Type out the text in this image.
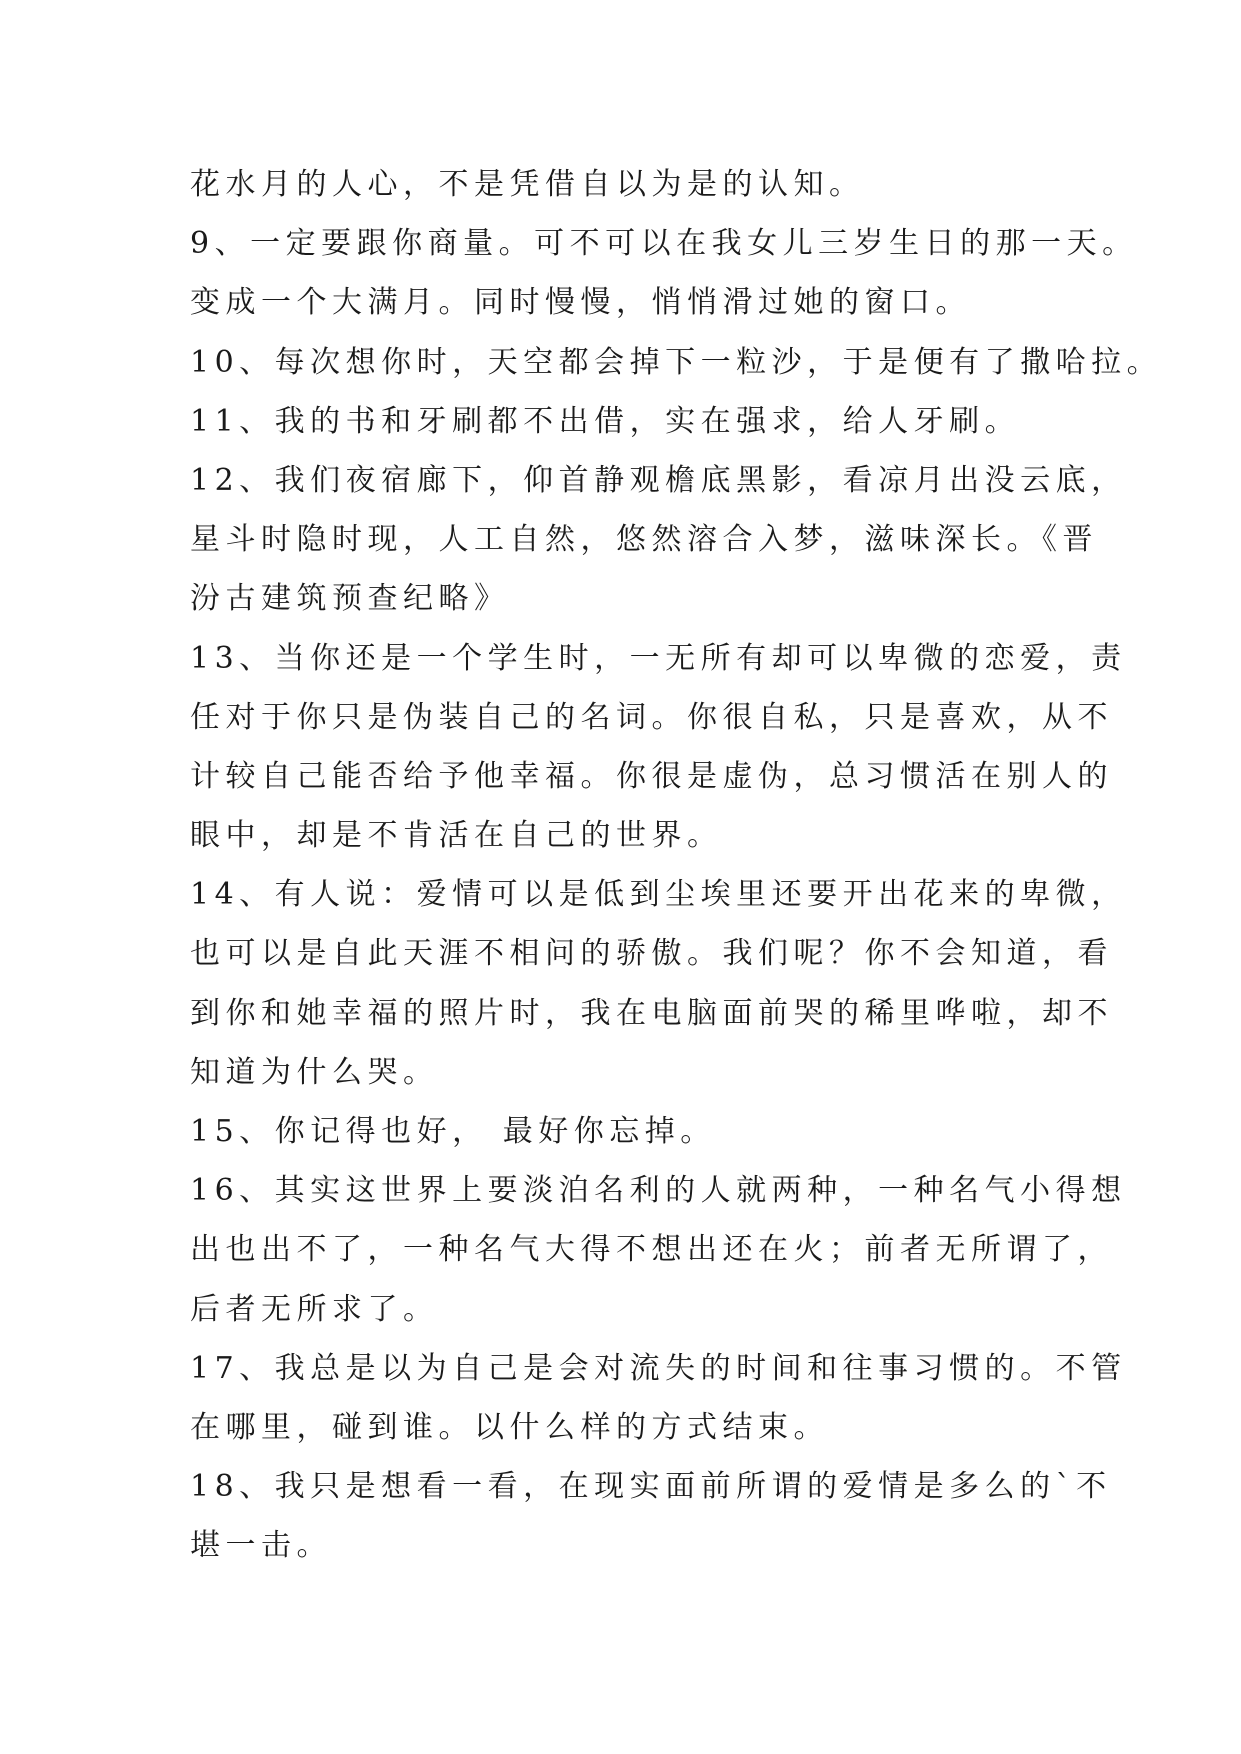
花水月的人心，不是凭借自以为是的认知。
9、一定要跟你商量。可不可以在我女儿三岁生日的那一天。
变成一个大满月。同时慢慢，悄悄滑过她的窗口。
10、每次想你时，天空都会掉下一粒沙，于是便有了撒哈拉。
11、我的书和牙刷都不出借，实在强求，给人牙刷。
12、我们夜宿廊下，仰首静观檐底黑影，看凉月出没云底，
星斗时隐时现，人工自然，悠然溶合入梦，滋味深长。《晋
汾古建筑预查纪略》
13、当你还是一个学生时，一无所有却可以卑微的恋爱，责
任对于你只是伪装自己的名词。你很自私，只是喜欢，从不
计较自己能否给予他幸福。你很是虚伪，总习惯活在别人的
眼中，却是不肯活在自己的世界。
14、有人说：爱情可以是低到尘埃里还要开出花来的卑微，
也可以是自此天涯不相问的骄傲。我们呢？你不会知道，看
到你和她幸福的照片时，我在电脑面前哭的稀里哗啦，却不
知道为什么哭。
15、你记得也好， 最好你忘掉。
16、其实这世界上要淡泊名利的人就两种，一种名气小得想
出也出不了，一种名气大得不想出还在火；前者无所谓了，
后者无所求了。
17、我总是以为自己是会对流失的时间和往事习惯的。不管
在哪里，碰到谁。以什么样的方式结束。
18、我只是想看一看，在现实面前所谓的爱情是多么的`不
堪一击。
